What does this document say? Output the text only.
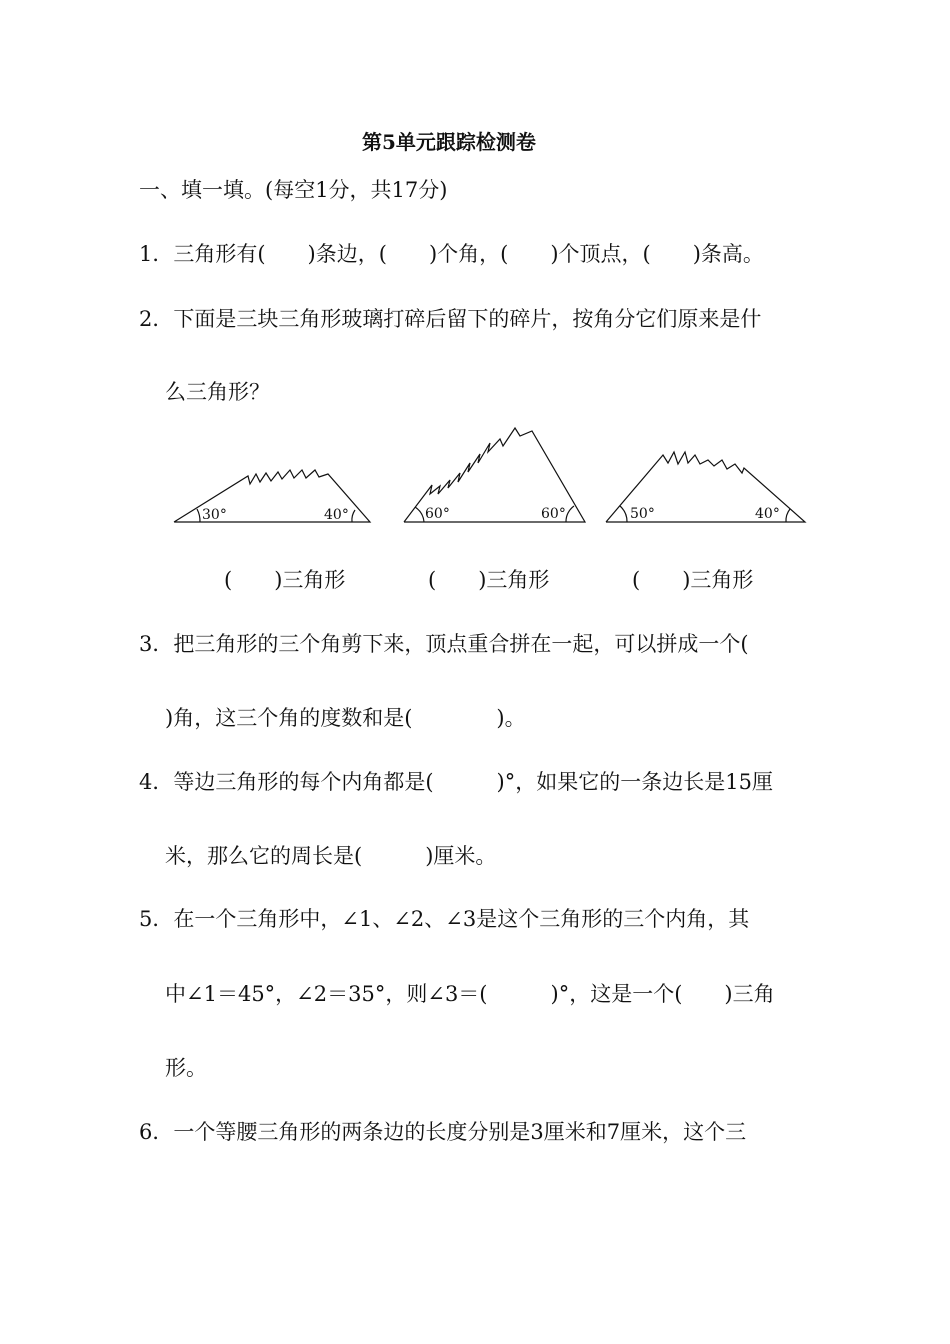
第5单元跟踪检测卷
一、填一填。(每空1分，共17分)
1．三角形有(　　)条边，(　　)个角，(　　)个顶点，(　　)条高。
2．下面是三块三角形玻璃打碎后留下的碎片，按角分它们原来是什
么三角形？
30°	40°	60°	60°	50°	40°
(　　)三角形	(　　)三角形	(　　)三角形
3．把三角形的三个角剪下来，顶点重合拼在一起，可以拼成一个(
)角，这三个角的度数和是(　　　　)。
4．等边三角形的每个内角都是(　　　)°，如果它的一条边长是15厘
米，那么它的周长是(　　　)厘米。
5．在一个三角形中，∠1、∠2、∠3是这个三角形的三个内角，其
中∠1＝45°，∠2＝35°，则∠3＝(　　　)°，这是一个(　　)三角
形。
6．一个等腰三角形的两条边的长度分别是3厘米和7厘米，这个三
